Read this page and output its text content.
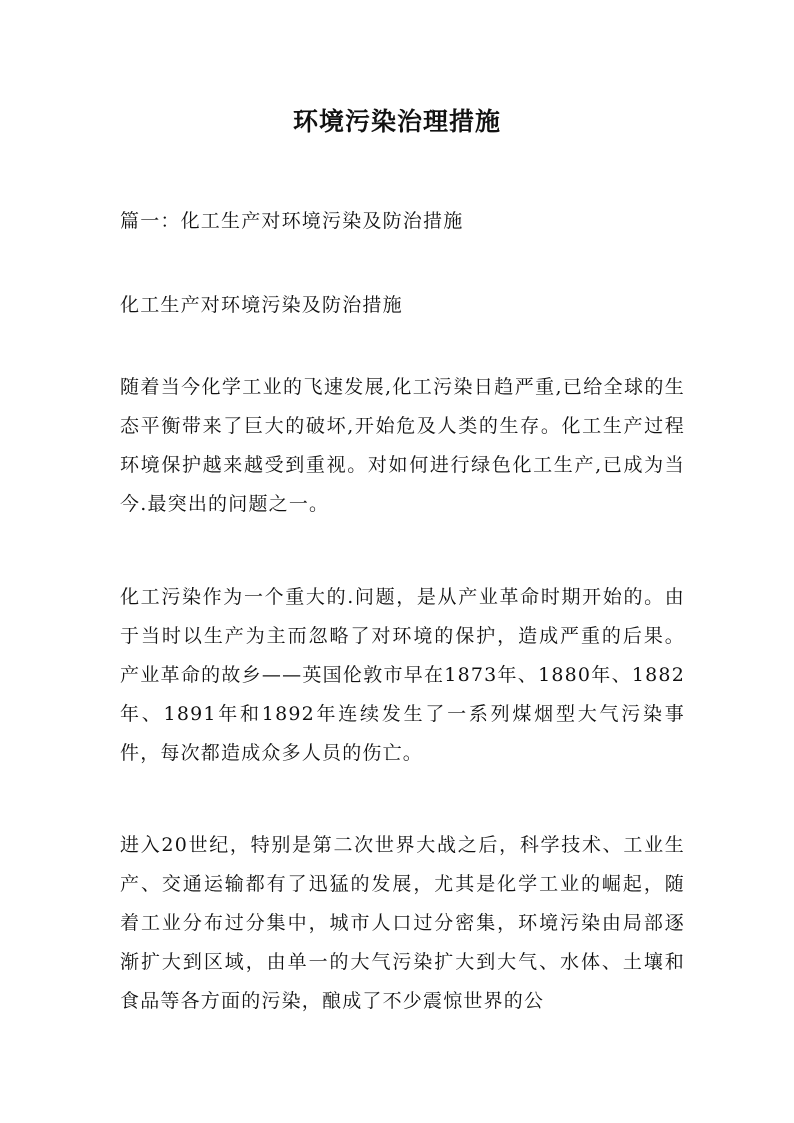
环境污染治理措施

篇一：化工生产对环境污染及防治措施

化工生产对环境污染及防治措施

随着当今化学工业的飞速发展,化工污染日趋严重,已给全球的生态平衡带来了巨大的破坏,开始危及人类的生存。化工生产过程环境保护越来越受到重视。对如何进行绿色化工生产,已成为当今.最突出的问题之一。

化工污染作为一个重大的.问题，是从产业革命时期开始的。由于当时以生产为主而忽略了对环境的保护，造成严重的后果。产业革命的故乡——英国伦敦市早在1873年、1880年、1882年、1891年和1892年连续发生了一系列煤烟型大气污染事件，每次都造成众多人员的伤亡。

进入20世纪，特别是第二次世界大战之后，科学技术、工业生产、交通运输都有了迅猛的发展，尤其是化学工业的崛起，随着工业分布过分集中，城市人口过分密集，环境污染由局部逐渐扩大到区域，由单一的大气污染扩大到大气、水体、土壤和食品等各方面的污染，酿成了不少震惊世界的公
